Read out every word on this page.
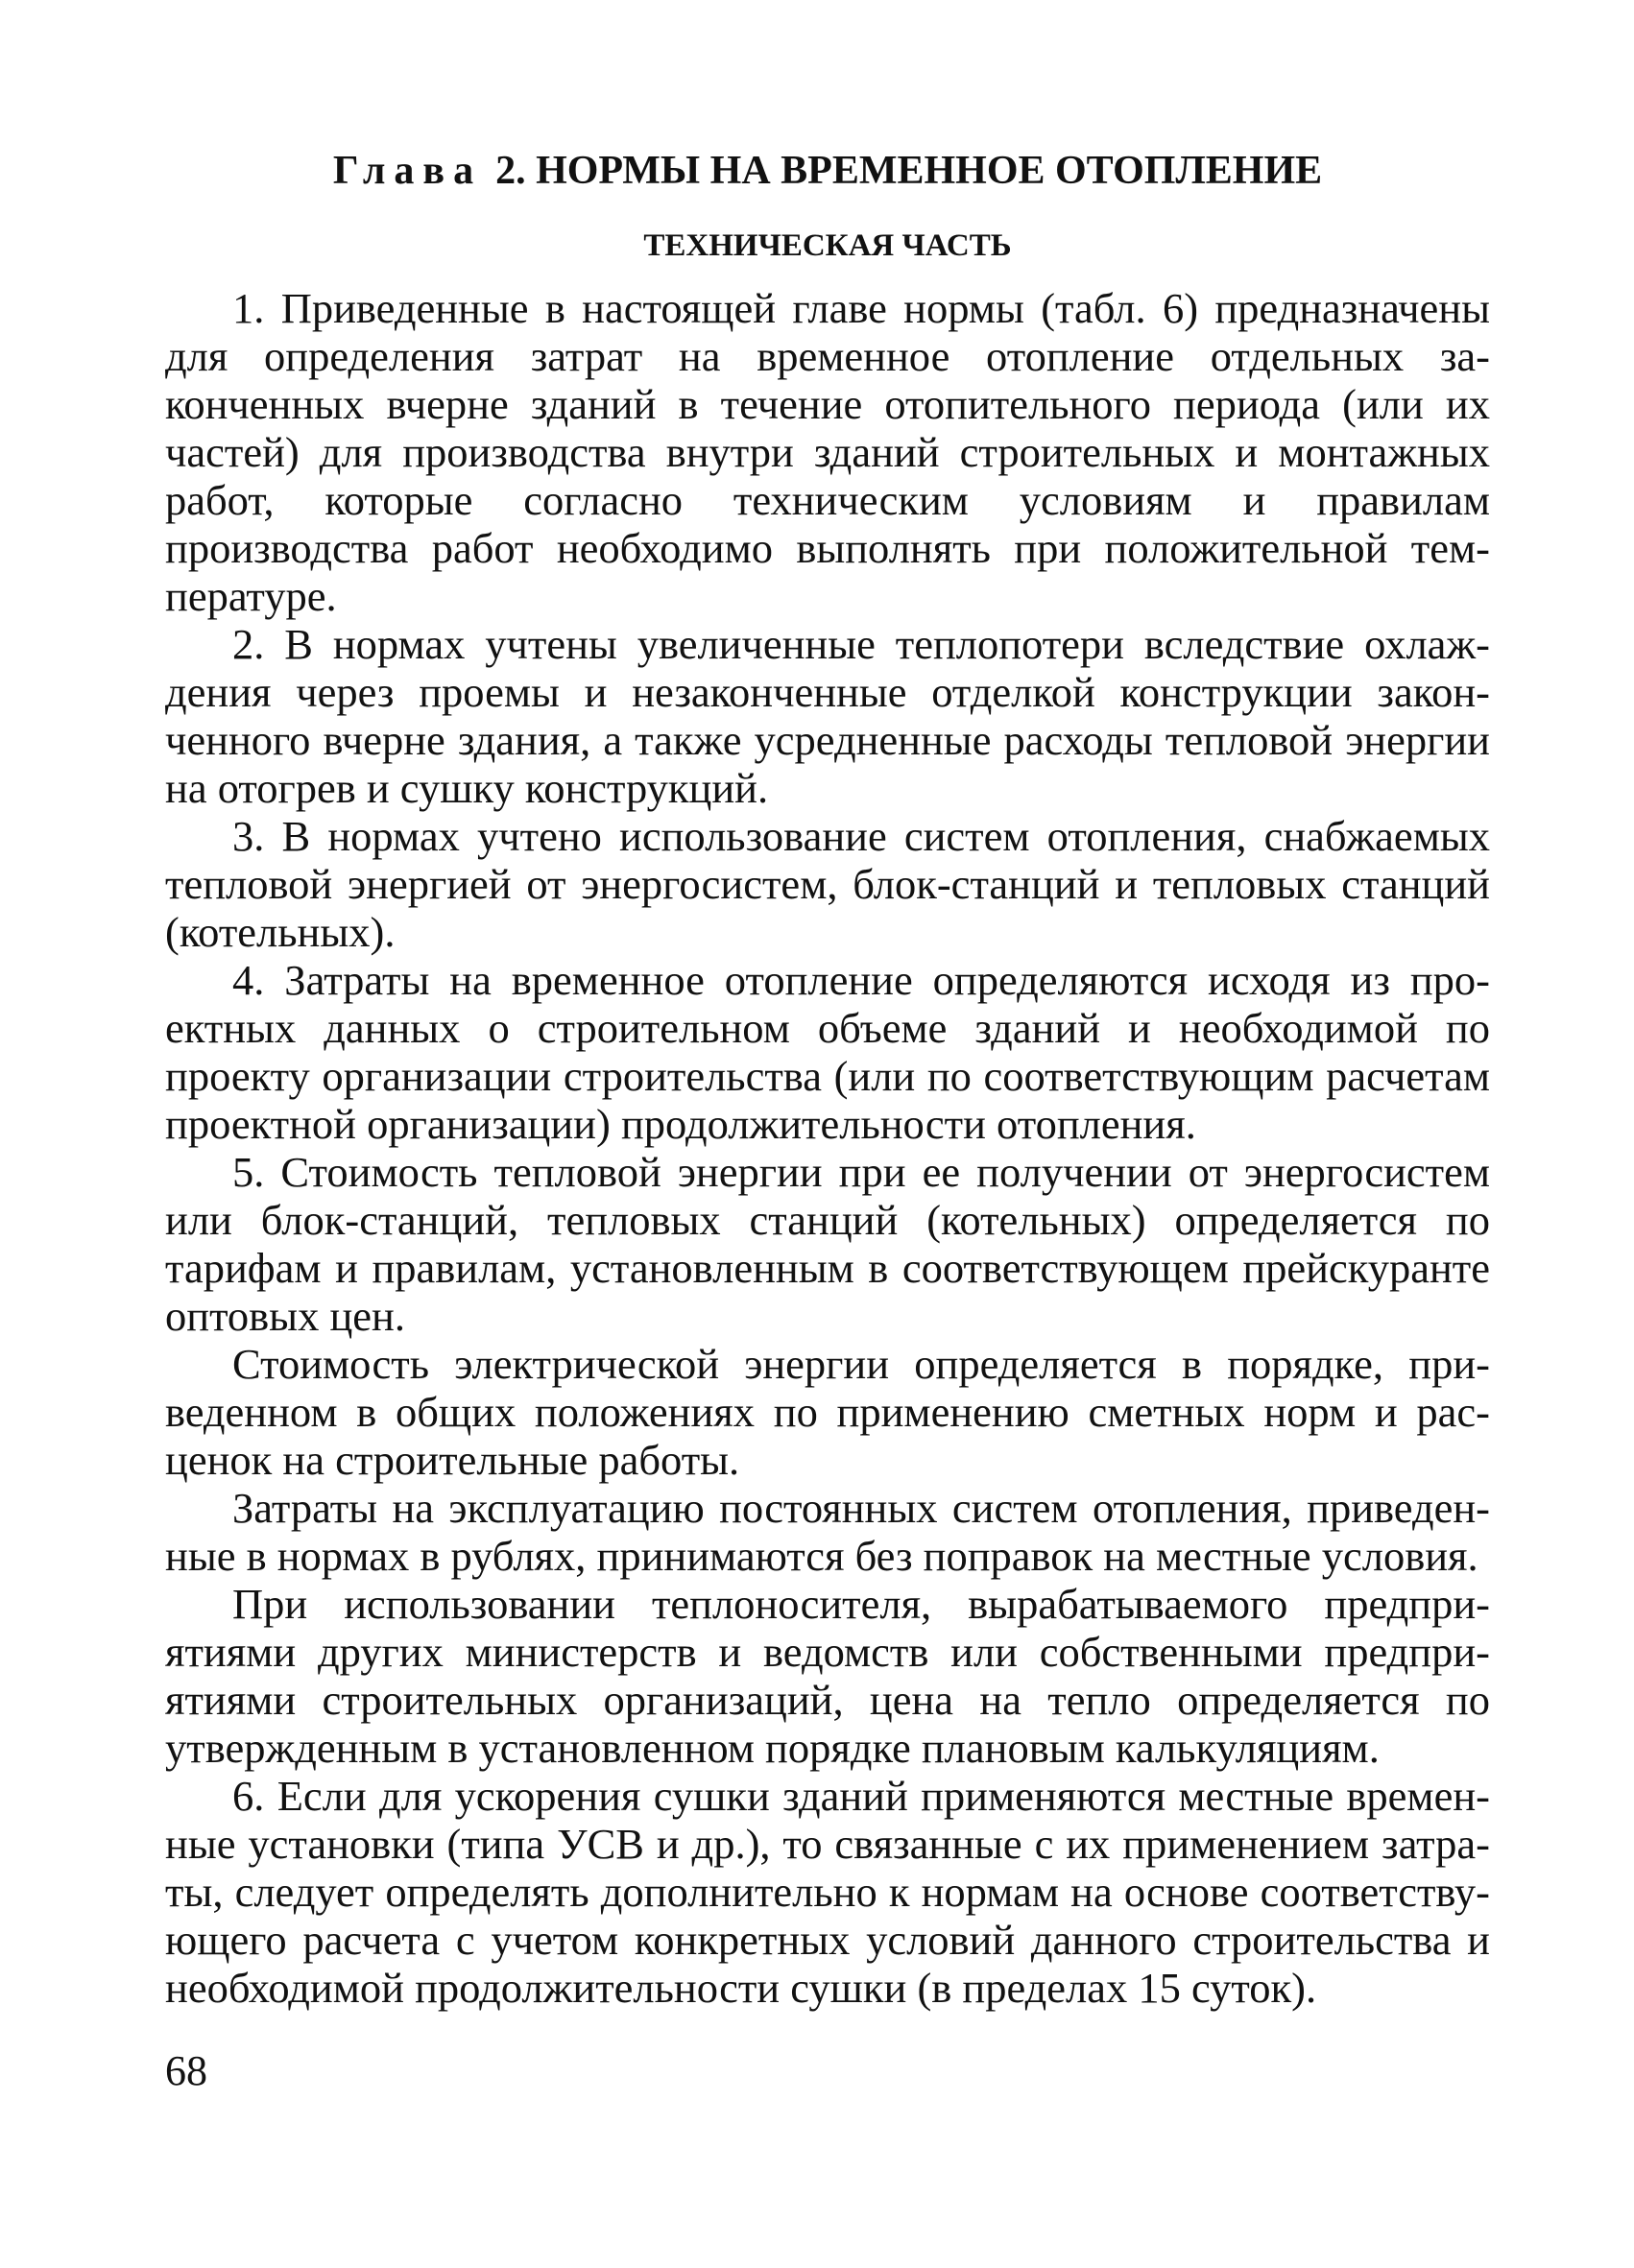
Глава 2. НОРМЫ НА ВРЕМЕННОЕ ОТОПЛЕНИЕ
ТЕХНИЧЕСКАЯ ЧАСТЬ

1. Приведенные в настоящей главе нормы (табл. 6) предназначены для определения затрат на временное отопление отдельных законченных вчерне зданий в течение отопительного периода (или их частей) для производства внутри зданий строительных и монтажных работ, которые согласно техническим условиям и правилам производства работ необходимо выполнять при положительной температуре.

2. В нормах учтены увеличенные теплопотери вследствие охлаждения через проемы и незаконченные отделкой конструкции законченного вчерне здания, а также усредненные расходы тепловой энергии на отогрев и сушку конструкций.

3. В нормах учтено использование систем отопления, снабжаемых тепловой энергией от энергосистем, блок-станций и тепловых станций (котельных).

4. Затраты на временное отопление определяются исходя из проектных данных о строительном объеме зданий и необходимой по проекту организации строительства (или по соответствующим расчетам проектной организации) продолжительности отопления.

5. Стоимость тепловой энергии при ее получении от энергосистем или блок-станций, тепловых станций (котельных) определяется по тарифам и правилам, установленным в соответствующем прейскуранте оптовых цен.

Стоимость электрической энергии определяется в порядке, приведенном в общих положениях по применению сметных норм и расценок на строительные работы.

Затраты на эксплуатацию постоянных систем отопления, приведенные в нормах в рублях, принимаются без поправок на местные условия.

При использовании теплоносителя, вырабатываемого предприятиями других министерств и ведомств или собственными предприятиями строительных организаций, цена на тепло определяется по утвержденным в установленном порядке плановым калькуляциям.

6. Если для ускорения сушки зданий применяются местные временные установки (типа УСВ и др.), то связанные с их применением затраты, следует определять дополнительно к нормам на основе соответствующего расчета с учетом конкретных условий данного строительства и необходимой продолжительности сушки (в пределах 15 суток).

68
